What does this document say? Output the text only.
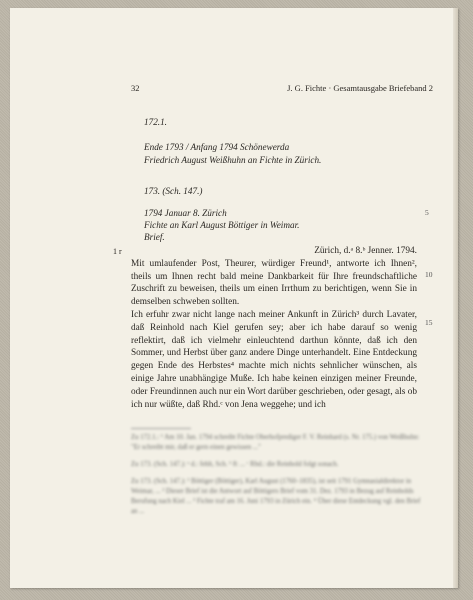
32	J. G. Fichte · Gesamtausgabe Briefeband 2
172.1.
Ende 1793 / Anfang 1794 Schönewerda
Friedrich August Weißhuhn an Fichte in Zürich.
173. (Sch. 147.)
1794 Januar 8. Zürich
Fichte an Karl August Böttiger in Weimar.
Brief.
5
1 r
10
15

Zürich, d.ᵃ 8.ᵇ Jenner. 1794.

Mit umlaufender Post, Theurer, würdiger Freund¹, antworte ich Ihnen², theils um Ihnen recht bald meine Dankbarkeit für Ihre freundschaftliche Zuschrift zu beweisen, theils um einen Irrthum zu berichtigen, wenn Sie in demselben schweben sollten.

Ich erfuhr zwar nicht lange nach meiner Ankunft in Zürich³ durch Lavater, daß Reinhold nach Kiel gerufen sey; aber ich habe darauf so wenig reflektirt, daß ich vielmehr einleuchtend darthun könnte, daß ich den Sommer, und Herbst über ganz andere Dinge unterhandelt. Eine Entdeckung gegen Ende des Herbstes⁴ machte mich nichts sehnlicher wünschen, als einige Jahre unabhängige Muße. Ich habe keinen einzigen meiner Freunde, oder Freundinnen auch nur ein Wort darüber geschrieben, oder gesagt, als ob ich nur wüßte, daß Rhd.ᶜ von Jena weggehe; und ich

Zu 172.1.: ¹ Am 10. Jan. 1794 schreibt Fichte Oberhofprediger F. V. Reinhard (s. Nr. 175.) von Weißhuhn: "Er schreibt mir, daß er gern einen gewissen ..."

Zu 173. (Sch. 147.): ᵃ d.: fehlt, Sch. ᵇ 8: ... ᶜ Rhd.: die Reinhold folgt sonach.

Zu 173. (Sch. 147.): ¹ Böttiger (Böttiger), Karl August (1760–1835), ist seit 1791 Gymnasialdirektor in Weimar, ... ² Dieser Brief ist die Antwort auf Böttigers Brief vom 31. Dez. 1793 in Bezug auf Reinholds Berufung nach Kiel ... ³ Fichte traf am 16. Juni 1793 in Zürich ein. ⁴ Über diese Entdeckung vgl. den Brief an ...
